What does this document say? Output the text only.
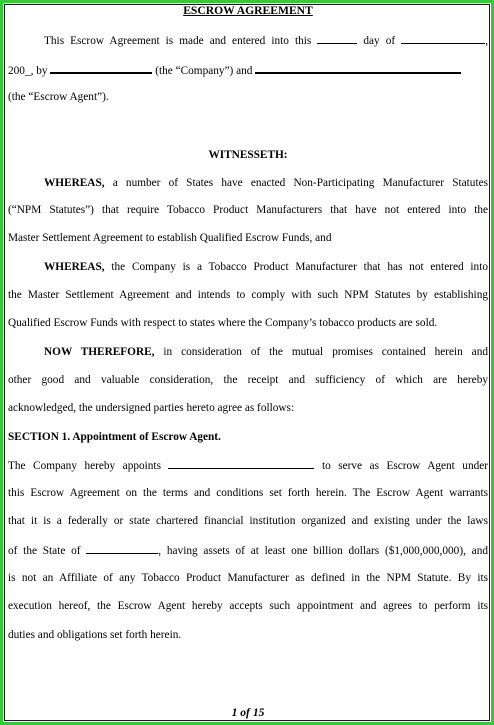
ESCROW AGREEMENT
This Escrow Agreement is made and entered into this	day of	,
200_, by	(the “Company”) and
(the “Escrow Agent”).
WITNESSETH:
WHEREAS, a number of States have enacted Non-Participating Manufacturer Statutes
(“NPM Statutes”) that require Tobacco Product Manufacturers that have not entered into the
Master Settlement Agreement to establish Qualified Escrow Funds, and
WHEREAS, the Company is a Tobacco Product Manufacturer that has not entered into
the Master Settlement Agreement and intends to comply with such NPM Statutes by establishing
Qualified Escrow Funds with respect to states where the Company’s tobacco products are sold.
NOW THEREFORE, in consideration of the mutual promises contained herein and
other good and valuable consideration, the receipt and sufficiency of which are hereby
acknowledged, the undersigned parties hereto agree as follows:
SECTION 1. Appointment of Escrow Agent.
The Company hereby appoints	to serve as Escrow Agent under
this Escrow Agreement on the terms and conditions set forth herein. The Escrow Agent warrants
that it is a federally or state chartered financial institution organized and existing under the laws
of the State of	, having assets of at least one billion dollars ($1,000,000,000), and
is not an Affiliate of any Tobacco Product Manufacturer as defined in the NPM Statute. By its
execution hereof, the Escrow Agent hereby accepts such appointment and agrees to perform its
duties and obligations set forth herein.
1 of 15
